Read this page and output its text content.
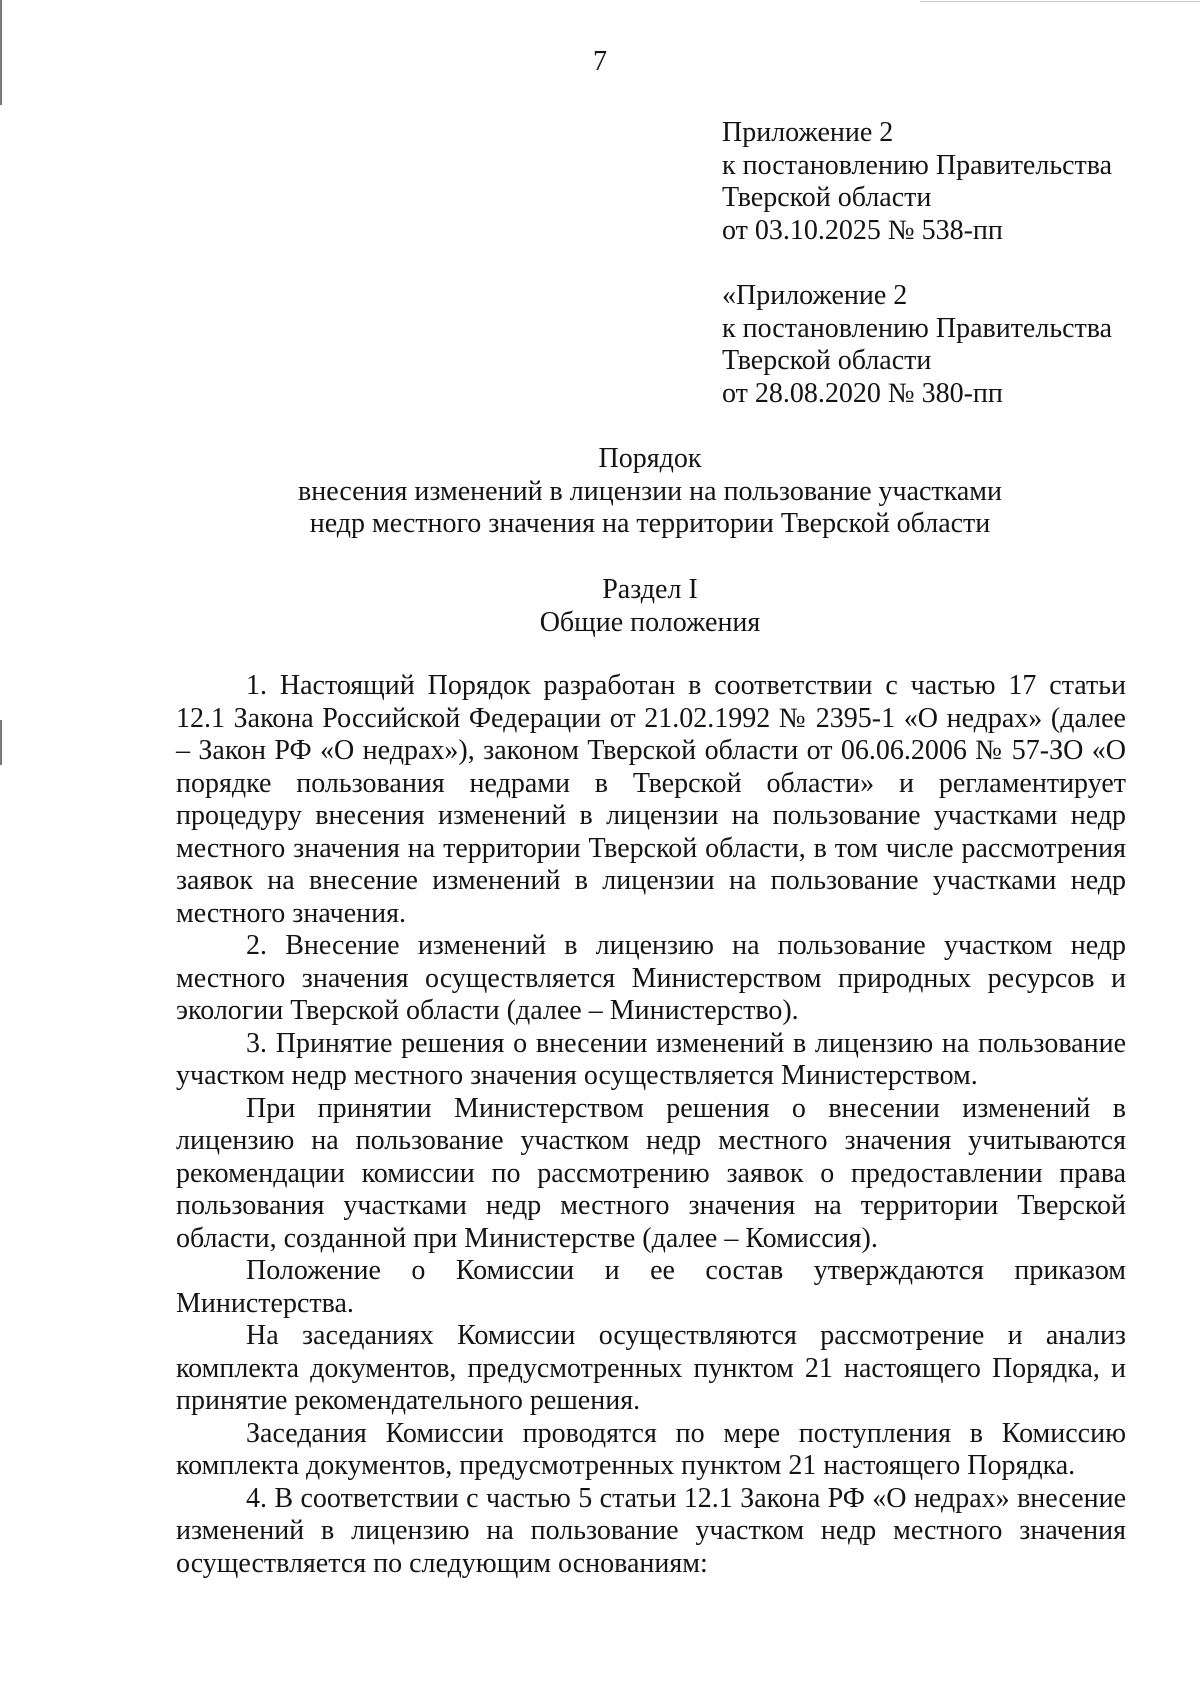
7
Приложение 2
к постановлению Правительства
Тверской области
от 03.10.2025 № 538-пп
«Приложение 2
к постановлению Правительства
Тверской области
от 28.08.2020 № 380-пп
Порядок
внесения изменений в лицензии на пользование участками
недр местного значения на территории Тверской области
Раздел I
Общие положения

1. Настоящий Порядок разработан в соответствии с частью 17 статьи 12.1 Закона Российской Федерации от 21.02.1992 № 2395-1 «О недрах» (далее – Закон РФ «О недрах»), законом Тверской области от 06.06.2006 № 57-ЗО «О порядке пользования недрами в Тверской области» и регламентирует процедуру внесения изменений в лицензии на пользование участками недр местного значения на территории Тверской области, в том числе рассмотрения заявок на внесение изменений в лицензии на пользование участками недр местного значения.

2. Внесение изменений в лицензию на пользование участком недр местного значения осуществляется Министерством природных ресурсов и экологии Тверской области (далее – Министерство).

3. Принятие решения о внесении изменений в лицензию на пользование участком недр местного значения осуществляется Министерством.

При принятии Министерством решения о внесении изменений в лицензию на пользование участком недр местного значения учитываются рекомендации комиссии по рассмотрению заявок о предоставлении права пользования участками недр местного значения на территории Тверской области, созданной при Министерстве (далее – Комиссия).

Положение о Комиссии и ее состав утверждаются приказом Министерства.

На заседаниях Комиссии осуществляются рассмотрение и анализ комплекта документов, предусмотренных пунктом 21 настоящего Порядка, и принятие рекомендательного решения.

Заседания Комиссии проводятся по мере поступления в Комиссию комплекта документов, предусмотренных пунктом 21 настоящего Порядка.

4. В соответствии с частью 5 статьи 12.1 Закона РФ «О недрах» внесение изменений в лицензию на пользование участком недр местного значения осуществляется по следующим основаниям:
